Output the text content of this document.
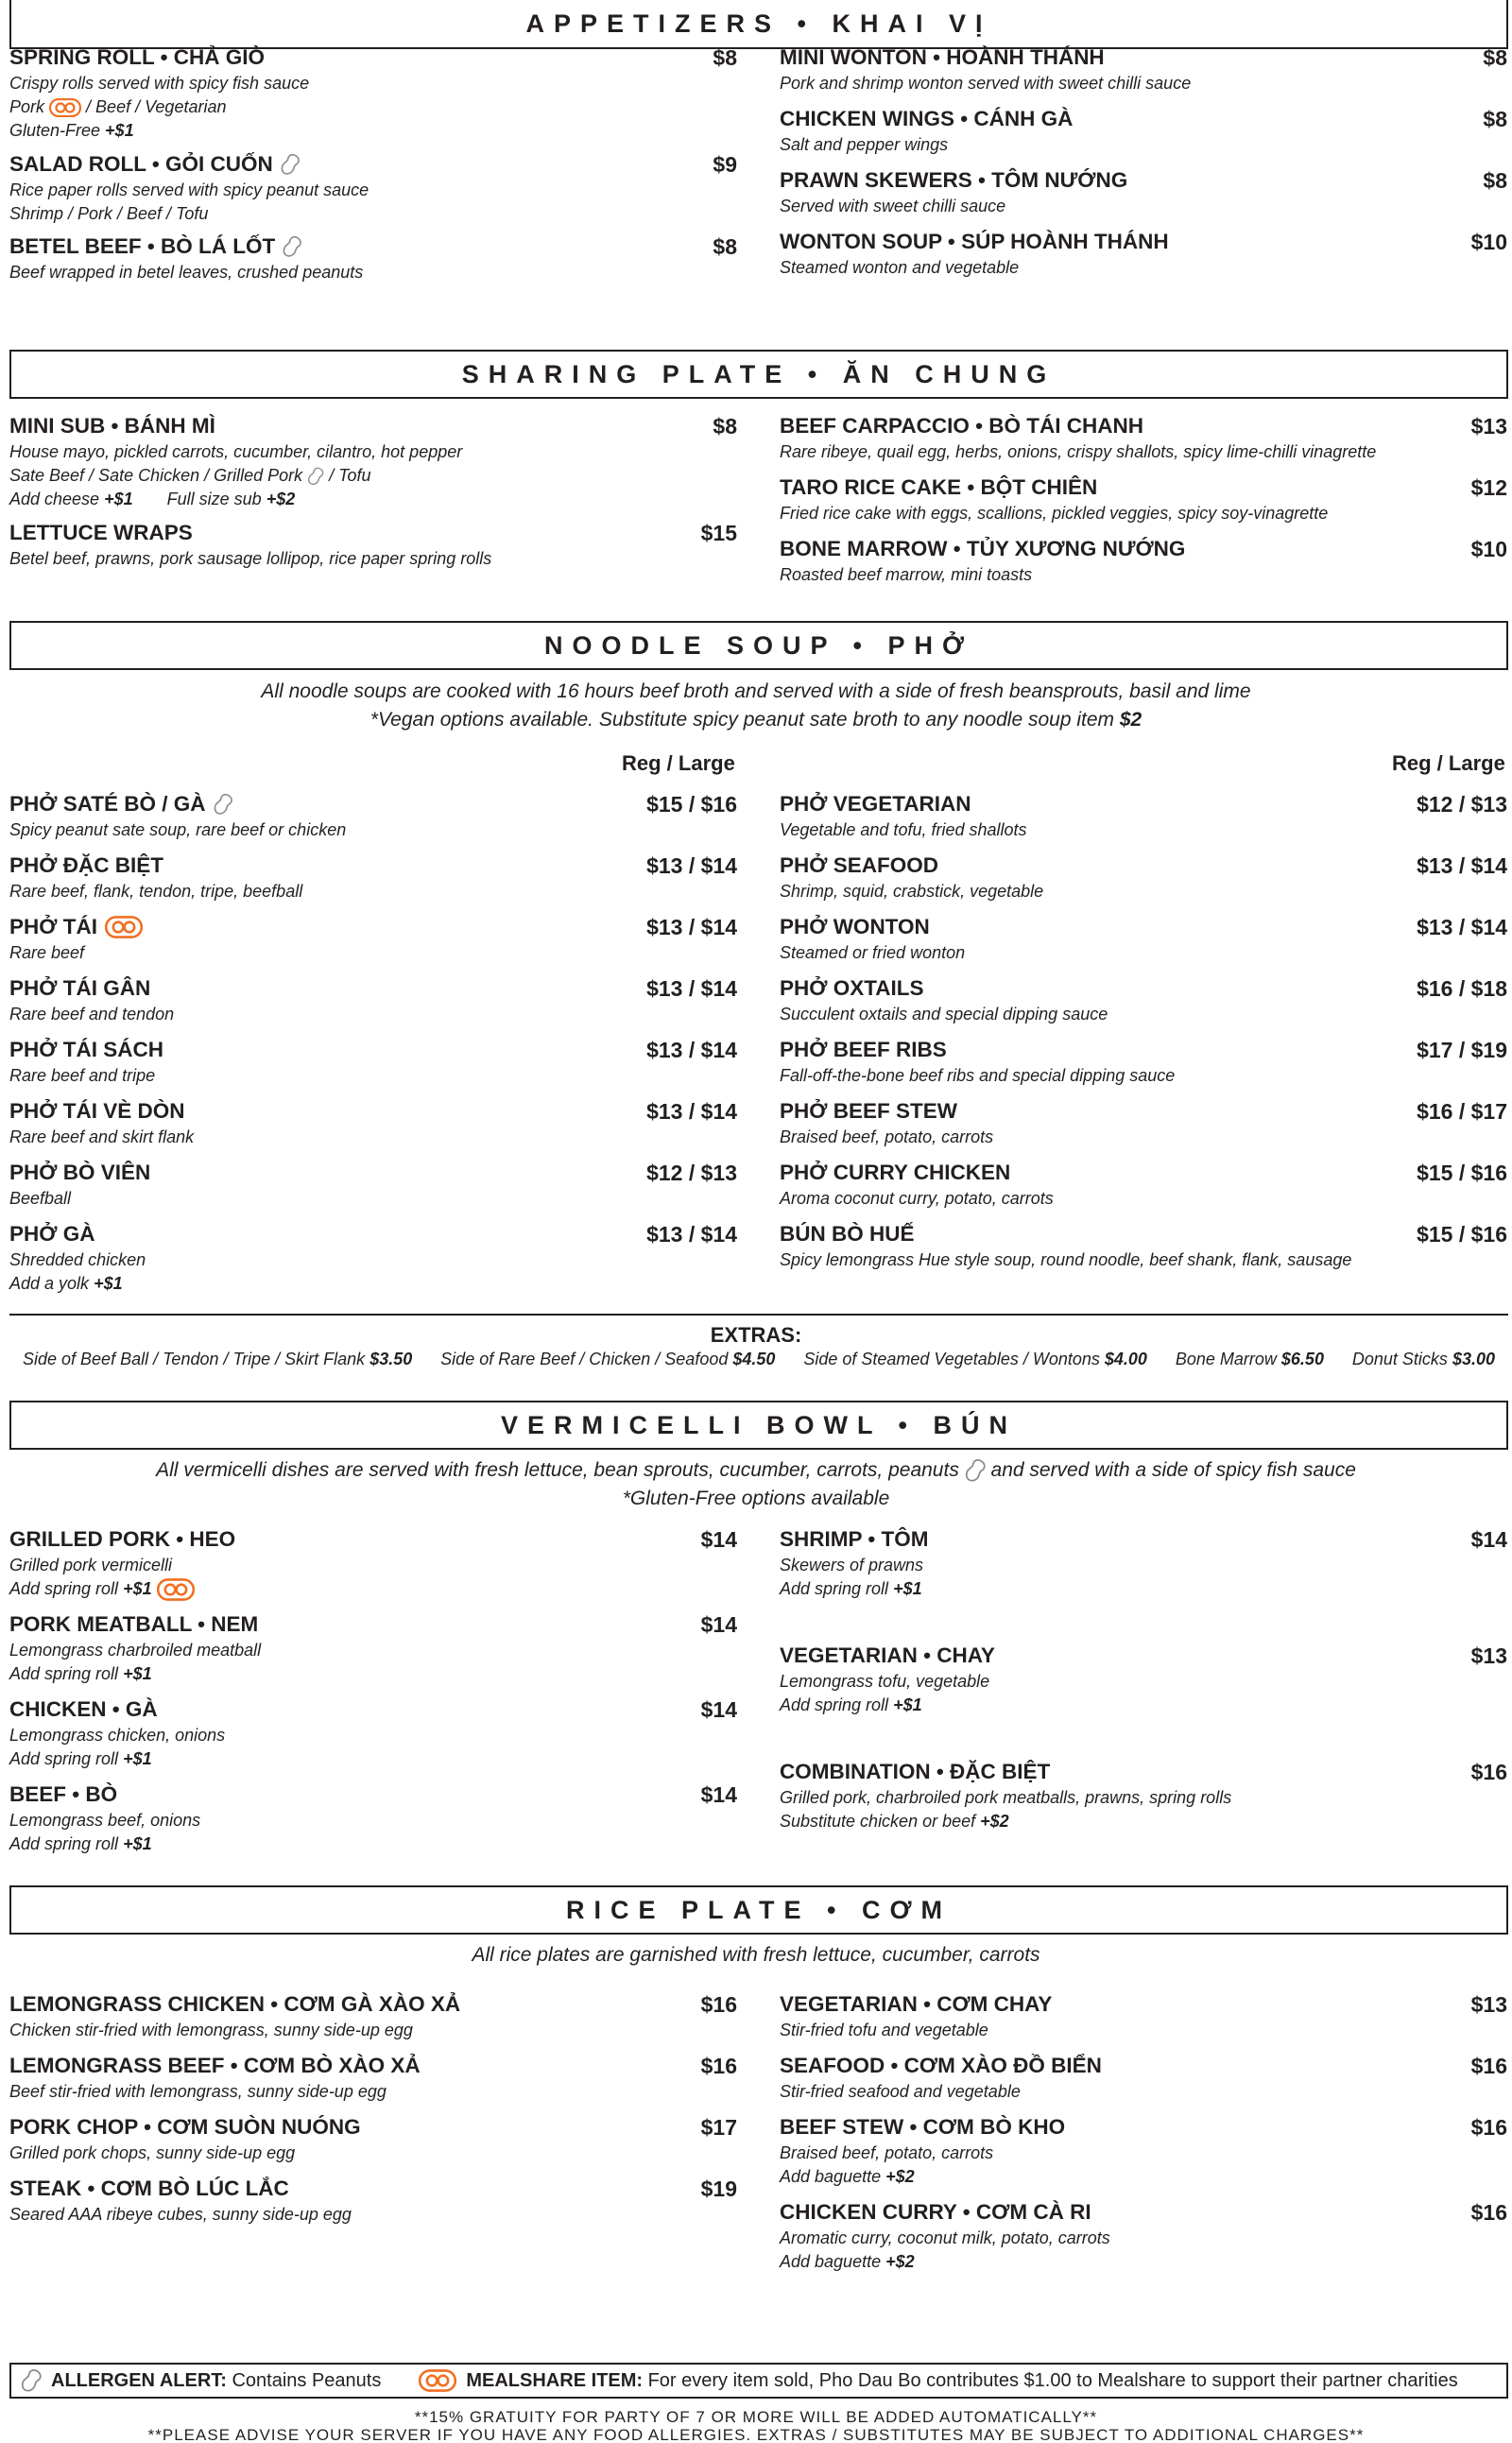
APPETIZERS • KHAI VỊ
SPRING ROLL • CHẢ GIÒ	$8
Crispy rolls served with spicy fish sauce
Pork  / Beef / Vegetarian
Gluten-Free +$1
SALAD ROLL • GỎI CUỐN	$9
Rice paper rolls served with spicy peanut sauce
Shrimp / Pork / Beef / Tofu
BETEL BEEF • BÒ LÁ LỐT	$8
Beef wrapped in betel leaves, crushed peanuts
MINI WONTON • HOÀNH THÁNH	$8
Pork and shrimp wonton served with sweet chilli sauce
CHICKEN WINGS • CÁNH GÀ	$8
Salt and pepper wings
PRAWN SKEWERS • TÔM NƯỚNG	$8
Served with sweet chilli sauce
WONTON SOUP • SÚP HOÀNH THÁNH	$10
Steamed wonton and vegetable
SHARING PLATE • ĂN CHUNG
MINI SUB • BÁNH MÌ	$8
House mayo, pickled carrots, cucumber, cilantro, hot pepper
Sate Beef / Sate Chicken / Grilled Pork  / Tofu
Add cheese +$1 Full size sub +$2
LETTUCE WRAPS	$15
Betel beef, prawns, pork sausage lollipop, rice paper spring rolls
BEEF CARPACCIO • BÒ TÁI CHANH	$13
Rare ribeye, quail egg, herbs, onions, crispy shallots, spicy lime-chilli vinagrette
TARO RICE CAKE • BỘT CHIÊN	$12
Fried rice cake with eggs, scallions, pickled veggies, spicy soy-vinagrette
BONE MARROW • TỦY XƯƠNG NƯỚNG	$10
Roasted beef marrow, mini toasts
NOODLE SOUP • PHỞ
All noodle soups are cooked with 16 hours beef broth and served with a side of fresh beansprouts, basil and lime
*Vegan options available. Substitute spicy peanut sate broth to any noodle soup item $2
Reg / Large	Reg / Large
PHỞ SATÉ BÒ / GÀ	$15 / $16
Spicy peanut sate soup, rare beef or chicken
PHỞ ĐẶC BIỆT	$13 / $14
Rare beef, flank, tendon, tripe, beefball
PHỞ TÁI	$13 / $14
Rare beef
PHỞ TÁI GÂN	$13 / $14
Rare beef and tendon
PHỞ TÁI SÁCH	$13 / $14
Rare beef and tripe
PHỞ TÁI VÈ DÒN	$13 / $14
Rare beef and skirt flank
PHỞ BÒ VIÊN	$12 / $13
Beefball
PHỞ GÀ	$13 / $14
Shredded chicken
Add a yolk +$1
PHỞ VEGETARIAN	$12 / $13
Vegetable and tofu, fried shallots
PHỞ SEAFOOD	$13 / $14
Shrimp, squid, crabstick, vegetable
PHỞ WONTON	$13 / $14
Steamed or fried wonton
PHỞ OXTAILS	$16 / $18
Succulent oxtails and special dipping sauce
PHỞ BEEF RIBS	$17 / $19
Fall-off-the-bone beef ribs and special dipping sauce
PHỞ BEEF STEW	$16 / $17
Braised beef, potato, carrots
PHỞ CURRY CHICKEN	$15 / $16
Aroma coconut curry, potato, carrots
BÚN BÒ HUẾ	$15 / $16
Spicy lemongrass Hue style soup, round noodle, beef shank, flank, sausage
EXTRAS:
Side of Beef Ball / Tendon / Tripe / Skirt Flank $3.50 Side of Rare Beef / Chicken / Seafood $4.50 Side of Steamed Vegetables / Wontons $4.00 Bone Marrow $6.50 Donut Sticks $3.00
VERMICELLI BOWL • BÚN
All vermicelli dishes are served with fresh lettuce, bean sprouts, cucumber, carrots, peanuts and served with a side of spicy fish sauce
*Gluten-Free options available
GRILLED PORK • HEO	$14
Grilled pork vermicelli
Add spring roll +$1
PORK MEATBALL • NEM	$14
Lemongrass charbroiled meatball
Add spring roll +$1
CHICKEN • GÀ	$14
Lemongrass chicken, onions
Add spring roll +$1
BEEF • BÒ	$14
Lemongrass beef, onions
Add spring roll +$1
SHRIMP • TÔM	$14
Skewers of prawns
Add spring roll +$1
VEGETARIAN • CHAY	$13
Lemongrass tofu, vegetable
Add spring roll +$1
COMBINATION • ĐẶC BIỆT	$16
Grilled pork, charbroiled pork meatballs, prawns, spring rolls
Substitute chicken or beef +$2
RICE PLATE • CƠM
All rice plates are garnished with fresh lettuce, cucumber, carrots
LEMONGRASS CHICKEN • CƠM GÀ XÀO XẢ	$16
Chicken stir-fried with lemongrass, sunny side-up egg
LEMONGRASS BEEF • CƠM BÒ XÀO XẢ	$16
Beef stir-fried with lemongrass, sunny side-up egg
PORK CHOP • CƠM SUÒN NUÓNG	$17
Grilled pork chops, sunny side-up egg
STEAK • CƠM BÒ LÚC LẮC	$19
Seared AAA ribeye cubes, sunny side-up egg
VEGETARIAN • CƠM CHAY	$13
Stir-fried tofu and vegetable
SEAFOOD • CƠM XÀO ĐỒ BIỂN	$16
Stir-fried seafood and vegetable
BEEF STEW • CƠM BÒ KHO	$16
Braised beef, potato, carrots
Add baguette +$2
CHICKEN CURRY • CƠM CÀ RI	$16
Aromatic curry, coconut milk, potato, carrots
Add baguette +$2
ALLERGEN ALERT: Contains Peanuts	MEALSHARE ITEM: For every item sold, Pho Dau Bo contributes $1.00 to Mealshare to support their partner charities
**15% GRATUITY FOR PARTY OF 7 OR MORE WILL BE ADDED AUTOMATICALLY**
**PLEASE ADVISE YOUR SERVER IF YOU HAVE ANY FOOD ALLERGIES. EXTRAS / SUBSTITUTES MAY BE SUBJECT TO ADDITIONAL CHARGES**
